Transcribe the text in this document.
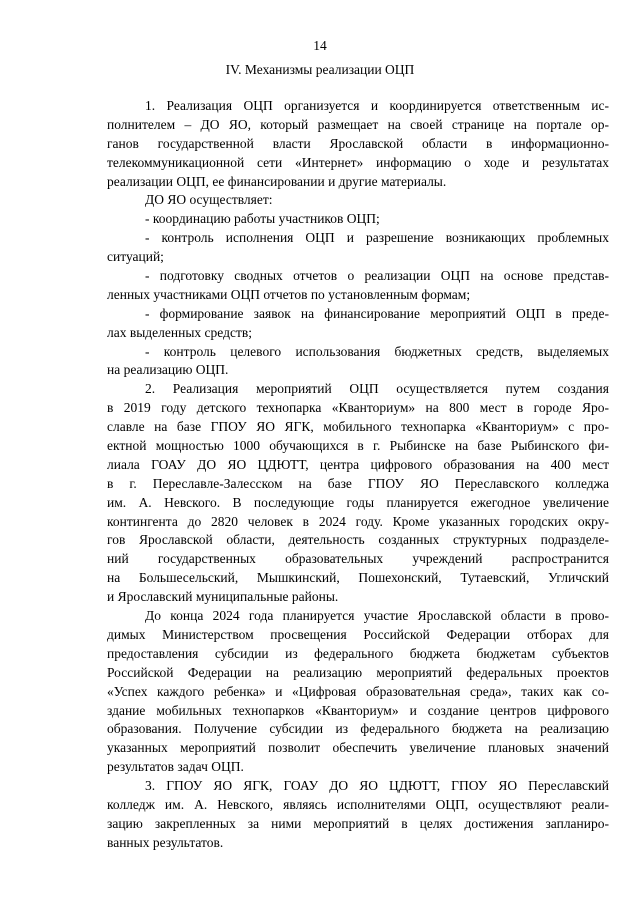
14
IV. Механизмы реализации ОЦП
1. Реализация ОЦП организуется и координируется ответственным ис-
полнителем – ДО ЯО, который размещает на своей странице на портале ор-
ганов государственной власти Ярославской области в информационно-
телекоммуникационной сети «Интернет» информацию о ходе и результатах
реализации ОЦП, ее финансировании и другие материалы.
ДО ЯО осуществляет:
- координацию работы участников ОЦП;
- контроль исполнения ОЦП и разрешение возникающих проблемных
ситуаций;
- подготовку сводных отчетов о реализации ОЦП на основе представ-
ленных участниками ОЦП отчетов по установленным формам;
- формирование заявок на финансирование мероприятий ОЦП в преде-
лах выделенных средств;
- контроль целевого использования бюджетных средств, выделяемых
на реализацию ОЦП.
2. Реализация мероприятий ОЦП осуществляется путем создания
в 2019 году детского технопарка «Кванториум» на 800 мест в городе Яро-
славле на базе ГПОУ ЯО ЯГК, мобильного технопарка «Кванториум» с про-
ектной мощностью 1000 обучающихся в г. Рыбинске на базе Рыбинского фи-
лиала ГОАУ ДО ЯО ЦДЮТТ, центра цифрового образования на 400 мест
в г. Переславле-Залесском на базе ГПОУ ЯО Переславского колледжа
им. А. Невского. В последующие годы планируется ежегодное увеличение
контингента до 2820 человек в 2024 году. Кроме указанных городских окру-
гов Ярославской области, деятельность созданных структурных подразделе-
ний государственных образовательных учреждений распространится
на Большесельский, Мышкинский, Пошехонский, Тутаевский, Угличский
и Ярославский муниципальные районы.
До конца 2024 года планируется участие Ярославской области в прово-
димых Министерством просвещения Российской Федерации отборах для
предоставления субсидии из федерального бюджета бюджетам субъектов
Российской Федерации на реализацию мероприятий федеральных проектов
«Успех каждого ребенка» и «Цифровая образовательная среда», таких как со-
здание мобильных технопарков «Кванториум» и создание центров цифрового
образования. Получение субсидии из федерального бюджета на реализацию
указанных мероприятий позволит обеспечить увеличение плановых значений
результатов задач ОЦП.
3. ГПОУ ЯО ЯГК, ГОАУ ДО ЯО ЦДЮТТ, ГПОУ ЯО Переславский
колледж им. А. Невского, являясь исполнителями ОЦП, осуществляют реали-
зацию закрепленных за ними мероприятий в целях достижения запланиро-
ванных результатов.
